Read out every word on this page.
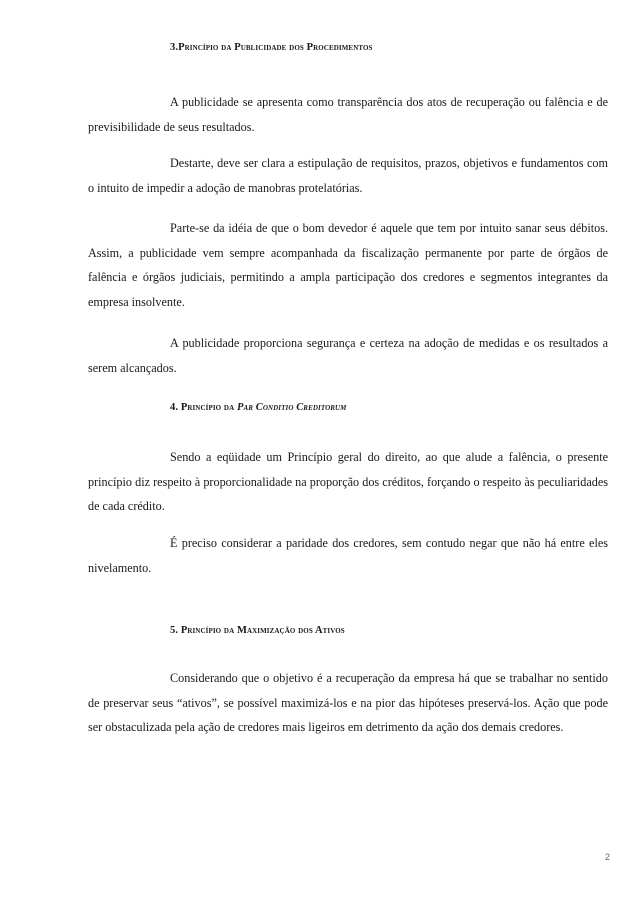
3.Princípio da Publicidade dos Procedimentos

A publicidade se apresenta como transparência dos atos de recuperação ou falência e de previsibilidade de seus resultados.

Destarte, deve ser clara a estipulação de requisitos, prazos, objetivos e fundamentos com o intuito de impedir a adoção de manobras protelatórias.

Parte-se da idéia de que o bom devedor é aquele que tem por intuito sanar seus débitos. Assim, a publicidade vem sempre acompanhada da fiscalização permanente por parte de órgãos de falência e órgãos judiciais, permitindo a ampla participação dos credores e segmentos integrantes da empresa insolvente.

A publicidade proporciona segurança e certeza na adoção de medidas e os resultados a serem alcançados.

4. Princípio da Par Conditio Creditorum

Sendo a eqüidade um Princípio geral do direito, ao que alude a falência, o presente princípio diz respeito à proporcionalidade na proporção dos créditos, forçando o respeito às peculiaridades de cada crédito.

É preciso considerar a paridade dos credores, sem contudo negar que não há entre eles nivelamento.

5. Princípio da Maximização dos Ativos

Considerando que o objetivo é a recuperação da empresa há que se trabalhar no sentido de preservar seus “ativos”, se possível maximizá-los e na pior das hipóteses preservá-los. Ação que pode ser obstaculizada pela ação de credores mais ligeiros em detrimento da ação dos demais credores.

2
